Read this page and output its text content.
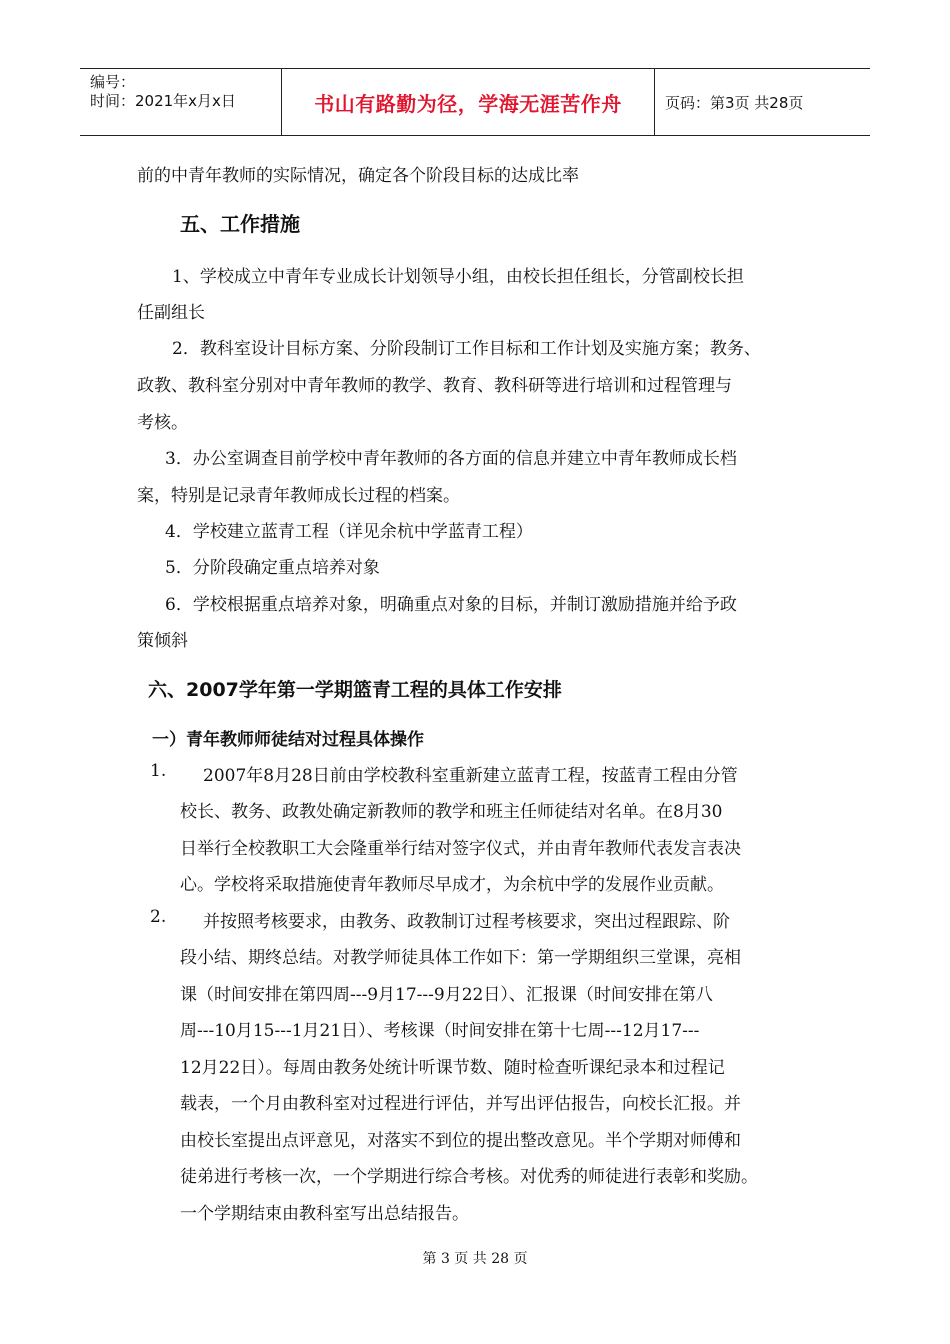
编号：
时间：2021年x月x日	书山有路勤为径，学海无涯苦作舟	页码：第3页 共28页
前的中青年教师的实际情况，确定各个阶段目标的达成比率
五、工作措施
1、学校成立中青年专业成长计划领导小组，由校长担任组长，分管副校长担
任副组长
2．教科室设计目标方案、分阶段制订工作目标和工作计划及实施方案；教务、
政教、教科室分别对中青年教师的教学、教育、教科研等进行培训和过程管理与
考核。
3．办公室调查目前学校中青年教师的各方面的信息并建立中青年教师成长档
案，特别是记录青年教师成长过程的档案。
4．学校建立蓝青工程（详见余杭中学蓝青工程）
5．分阶段确定重点培养对象
6．学校根据重点培养对象，明确重点对象的目标，并制订激励措施并给予政
策倾斜
六、2007学年第一学期篮青工程的具体工作安排
一）青年教师师徒结对过程具体操作
1. 2007年8月28日前由学校教科室重新建立蓝青工程，按蓝青工程由分管
校长、教务、政教处确定新教师的教学和班主任师徒结对名单。在8月30
日举行全校教职工大会隆重举行结对签字仪式，并由青年教师代表发言表决
心。学校将采取措施使青年教师尽早成才，为余杭中学的发展作业贡献。
2. 并按照考核要求，由教务、政教制订过程考核要求，突出过程跟踪、阶
段小结、期终总结。对教学师徒具体工作如下：第一学期组织三堂课，亮相
课（时间安排在第四周---9月17---9月22日）、汇报课（时间安排在第八
周---10月15---1月21日）、考核课（时间安排在第十七周---12月17---
12月22日）。每周由教务处统计听课节数、随时检查听课纪录本和过程记
载表，一个月由教科室对过程进行评估，并写出评估报告，向校长汇报。并
由校长室提出点评意见，对落实不到位的提出整改意见。半个学期对师傅和
徒弟进行考核一次，一个学期进行综合考核。对优秀的师徒进行表彰和奖励。
一个学期结束由教科室写出总结报告。
第 3 页 共 28 页
